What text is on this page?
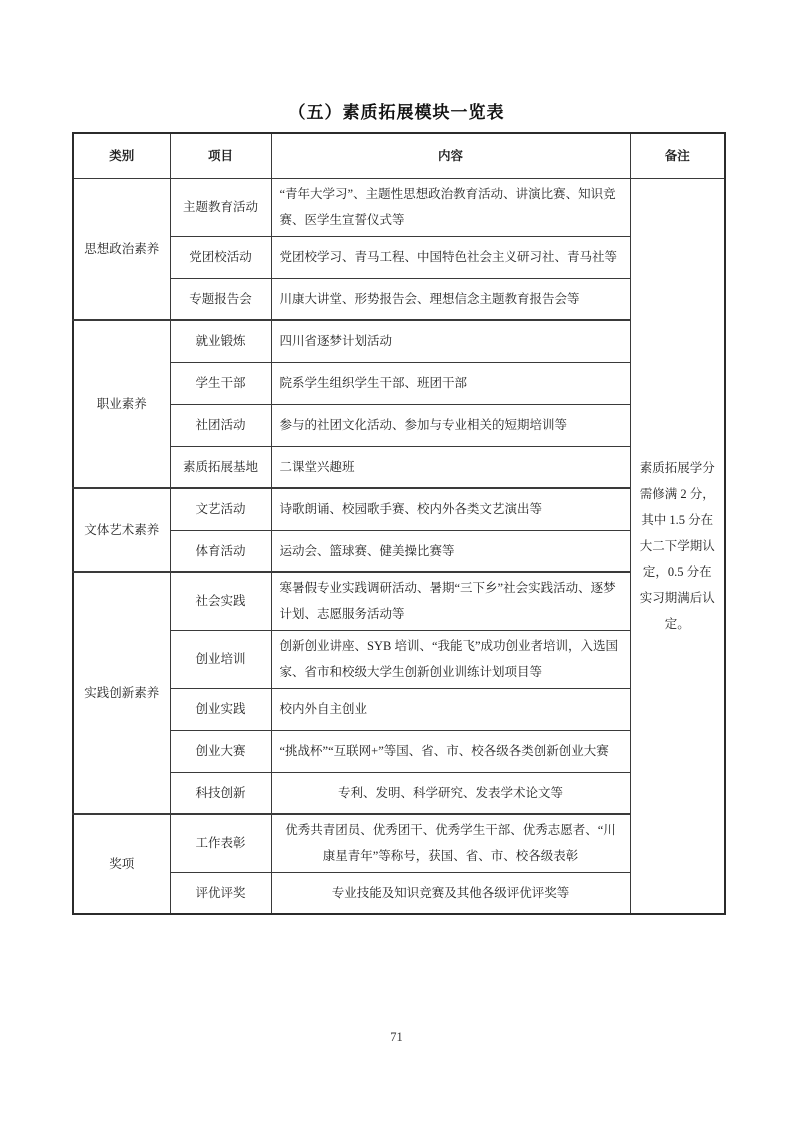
（五）素质拓展模块一览表
类别	项目	内容	备注
思想政治素养	主题教育活动	“青年大学习”、主题性思想政治教育活动、讲演比赛、知识竞赛、医学生宣誓仪式等	素质拓展学分需修满 2 分，其中 1.5 分在大二下学期认定，0.5 分在实习期满后认定。
	党团校活动	党团校学习、青马工程、中国特色社会主义研习社、青马社等	
	专题报告会	川康大讲堂、形势报告会、理想信念主题教育报告会等	
职业素养	就业锻炼	四川省逐梦计划活动	
	学生干部	院系学生组织学生干部、班团干部	
	社团活动	参与的社团文化活动、参加与专业相关的短期培训等	
	素质拓展基地	二课堂兴趣班	
文体艺术素养	文艺活动	诗歌朗诵、校园歌手赛、校内外各类文艺演出等	
	体育活动	运动会、篮球赛、健美操比赛等	
实践创新素养	社会实践	寒暑假专业实践调研活动、暑期“三下乡”社会实践活动、逐梦计划、志愿服务活动等	
	创业培训	创新创业讲座、SYB 培训、“我能飞”成功创业者培训，入选国家、省市和校级大学生创新创业训练计划项目等	
	创业实践	校内外自主创业	
	创业大赛	“挑战杯”“互联网+”等国、省、市、校各级各类创新创业大赛	
	科技创新	专利、发明、科学研究、发表学术论文等	
奖项	工作表彰	优秀共青团员、优秀团干、优秀学生干部、优秀志愿者、“川康星青年”等称号，获国、省、市、校各级表彰	
	评优评奖	专业技能及知识竞赛及其他各级评优评奖等	
71
